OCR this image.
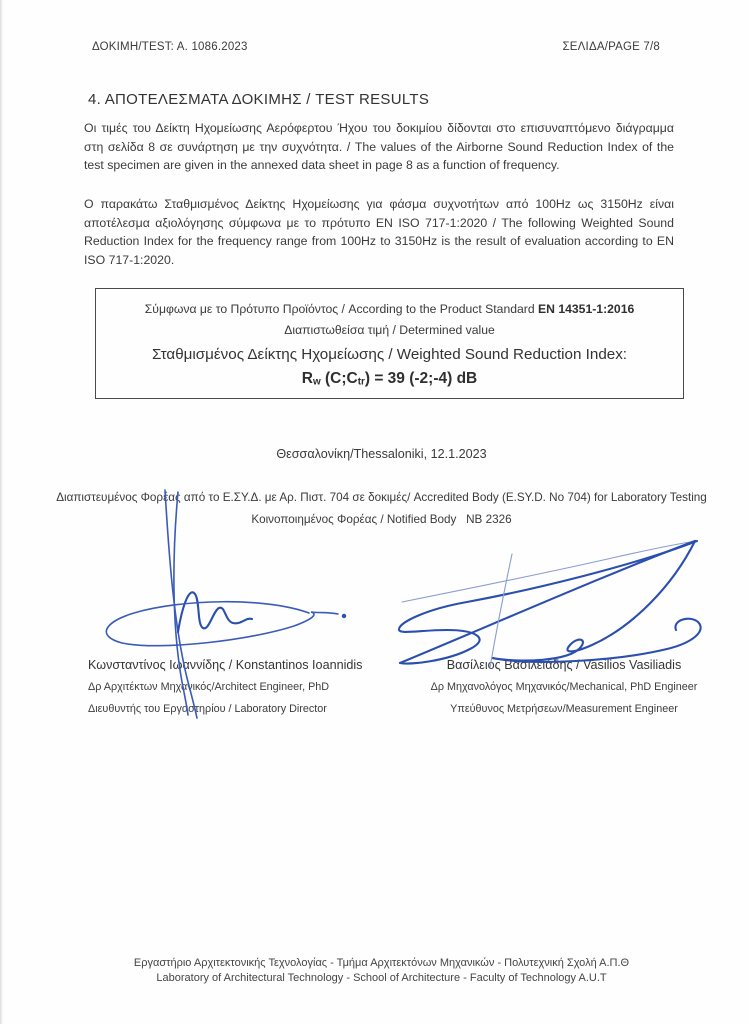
ΔΟΚΙΜΗ/TEST: A. 1086.2023	ΣΕΛΙΔΑ/PAGE 7/8
4. ΑΠΟΤΕΛΕΣΜΑΤΑ ΔΟΚΙΜΗΣ / TEST RESULTS
Οι τιμές του Δείκτη Ηχομείωσης Αερόφερτου Ήχου του δοκιμίου δίδονται στο επισυναπτόμενο διάγραμμα στη σελίδα 8 σε συνάρτηση με την συχνότητα. / The values of the Airborne Sound Reduction Index of the test specimen are given in the annexed data sheet in page 8 as a function of frequency.
Ο παρακάτω Σταθμισμένος Δείκτης Ηχομείωσης για φάσμα συχνοτήτων από 100Hz ως 3150Hz είναι αποτέλεσμα αξιολόγησης σύμφωνα με το πρότυπο EN ISO 717-1:2020 / The following Weighted Sound Reduction Index for the frequency range from 100Hz to 3150Hz is the result of evaluation according to EN ISO 717-1:2020.
Σύμφωνα με το Πρότυπο Προϊόντος / According to the Product Standard EN 14351-1:2016
Διαπιστωθείσα τιμή / Determined value
Σταθμισμένος Δείκτης Ηχομείωσης / Weighted Sound Reduction Index:
$R_w$ $(C;C_{tr}) = 39$ (-2;-4) dB
Θεσσαλονίκη/Thessaloniki, 12.1.2023
Διαπιστευμένος Φορέας από το Ε.ΣΥ.Δ. με Αρ. Πιστ. 704 σε δοκιμές/ Accredited Body (E.SY.D. No 704) for Laboratory Testing
Κοινοποιημένος Φορέας / Notified Body   NB 2326
Κωνσταντίνος Ιωαννίδης / Konstantinos Ioannidis
Δρ Αρχιτέκτων Μηχανικός/Architect Engineer, PhD
Διευθυντής του Εργαστηρίου / Laboratory Director
Βασίλειος Βασιλειάδης / Vasilios Vasiliadis
Δρ Μηχανολόγος Μηχανικός/Mechanical, PhD Engineer
Υπεύθυνος Μετρήσεων/Measurement Engineer
Εργαστήριο Αρχιτεκτονικής Τεχνολογίας - Τμήμα Αρχιτεκτόνων Μηχανικών - Πολυτεχνική Σχολή Α.Π.Θ
Laboratory of Architectural Technology - School of Architecture - Faculty of Technology A.U.T
